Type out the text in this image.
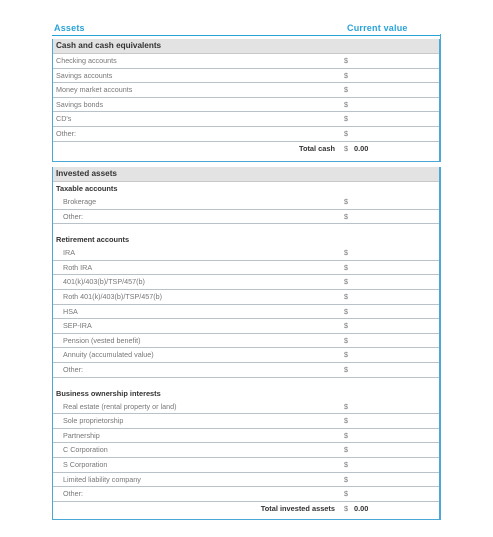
Assets	Current value
Cash and cash equivalents
Checking accounts	$
Savings accounts	$
Money market accounts	$
Savings bonds	$
CD's	$
Other:	$
Total cash $ 0.00
Invested assets
Taxable accounts
Brokerage	$
Other:	$
Retirement accounts
IRA	$
Roth IRA	$
401(k)/403(b)/TSP/457(b)	$
Roth 401(k)/403(b)/TSP/457(b)	$
HSA	$
SEP-IRA	$
Pension (vested benefit)	$
Annuity (accumulated value)	$
Other:	$
Business ownership interests
Real estate (rental property or land)	$
Sole proprietorship	$
Partnership	$
C Corporation	$
S Corporation	$
Limited liability company	$
Other:	$
Total invested assets $ 0.00
